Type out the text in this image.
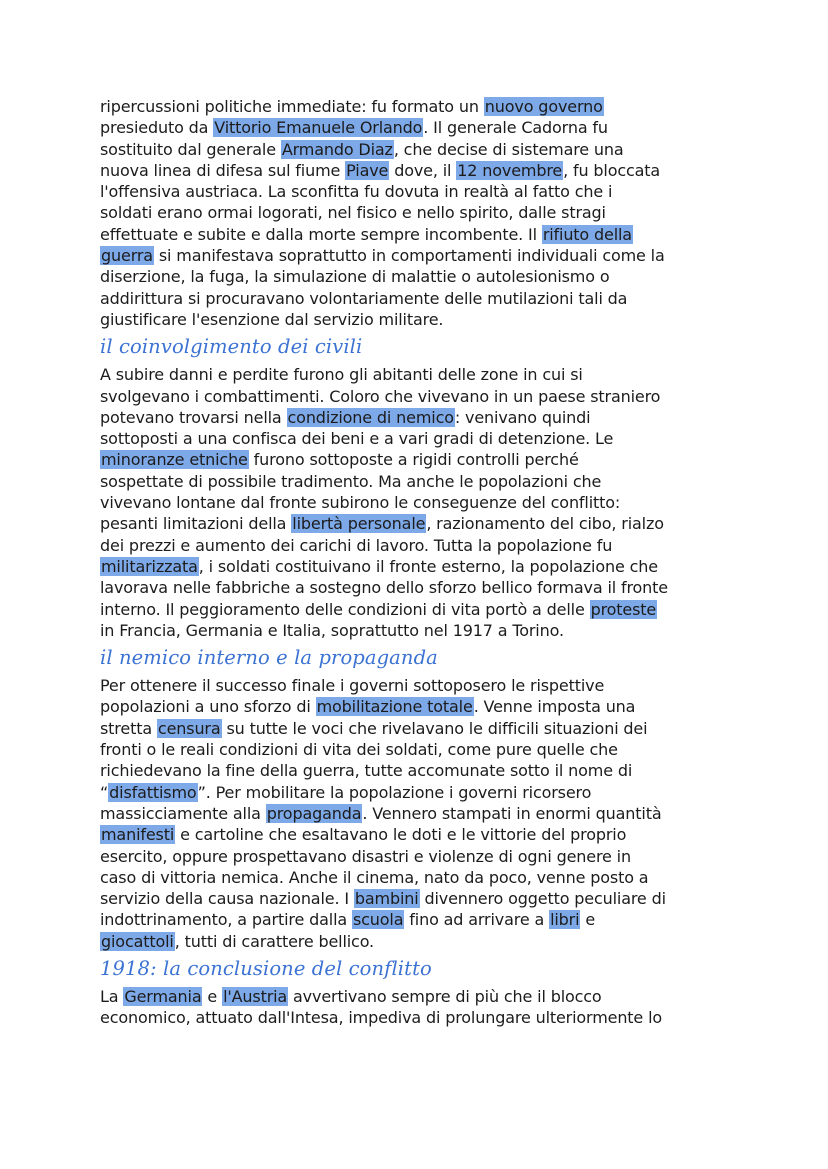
ripercussioni politiche immediate: fu formato un nuovo governo
presieduto da Vittorio Emanuele Orlando. Il generale Cadorna fu
sostituito dal generale Armando Diaz, che decise di sistemare una
nuova linea di difesa sul fiume Piave dove, il 12 novembre, fu bloccata
l'offensiva austriaca. La sconfitta fu dovuta in realtà al fatto che i
soldati erano ormai logorati, nel fisico e nello spirito, dalle stragi
effettuate e subite e dalla morte sempre incombente. Il rifiuto della
guerra si manifestava soprattutto in comportamenti individuali come la
diserzione, la fuga, la simulazione di malattie o autolesionismo o
addirittura si procuravano volontariamente delle mutilazioni tali da
giustificare l'esenzione dal servizio militare.

il coinvolgimento dei civili

A subire danni e perdite furono gli abitanti delle zone in cui si
svolgevano i combattimenti. Coloro che vivevano in un paese straniero
potevano trovarsi nella condizione di nemico: venivano quindi
sottoposti a una confisca dei beni e a vari gradi di detenzione. Le
minoranze etniche furono sottoposte a rigidi controlli perché
sospettate di possibile tradimento. Ma anche le popolazioni che
vivevano lontane dal fronte subirono le conseguenze del conflitto:
pesanti limitazioni della libertà personale, razionamento del cibo, rialzo
dei prezzi e aumento dei carichi di lavoro. Tutta la popolazione fu
militarizzata, i soldati costituivano il fronte esterno, la popolazione che
lavorava nelle fabbriche a sostegno dello sforzo bellico formava il fronte
interno. Il peggioramento delle condizioni di vita portò a delle proteste
in Francia, Germania e Italia, soprattutto nel 1917 a Torino.

il nemico interno e la propaganda

Per ottenere il successo finale i governi sottoposero le rispettive
popolazioni a uno sforzo di mobilitazione totale. Venne imposta una
stretta censura su tutte le voci che rivelavano le difficili situazioni dei
fronti o le reali condizioni di vita dei soldati, come pure quelle che
richiedevano la fine della guerra, tutte accomunate sotto il nome di
“disfattismo”. Per mobilitare la popolazione i governi ricorsero
massicciamente alla propaganda. Vennero stampati in enormi quantità
manifesti e cartoline che esaltavano le doti e le vittorie del proprio
esercito, oppure prospettavano disastri e violenze di ogni genere in
caso di vittoria nemica. Anche il cinema, nato da poco, venne posto a
servizio della causa nazionale. I bambini divennero oggetto peculiare di
indottrinamento, a partire dalla scuola fino ad arrivare a libri e
giocattoli, tutti di carattere bellico.

1918: la conclusione del conflitto

La Germania e l'Austria avvertivano sempre di più che il blocco
economico, attuato dall'Intesa, impediva di prolungare ulteriormente lo
